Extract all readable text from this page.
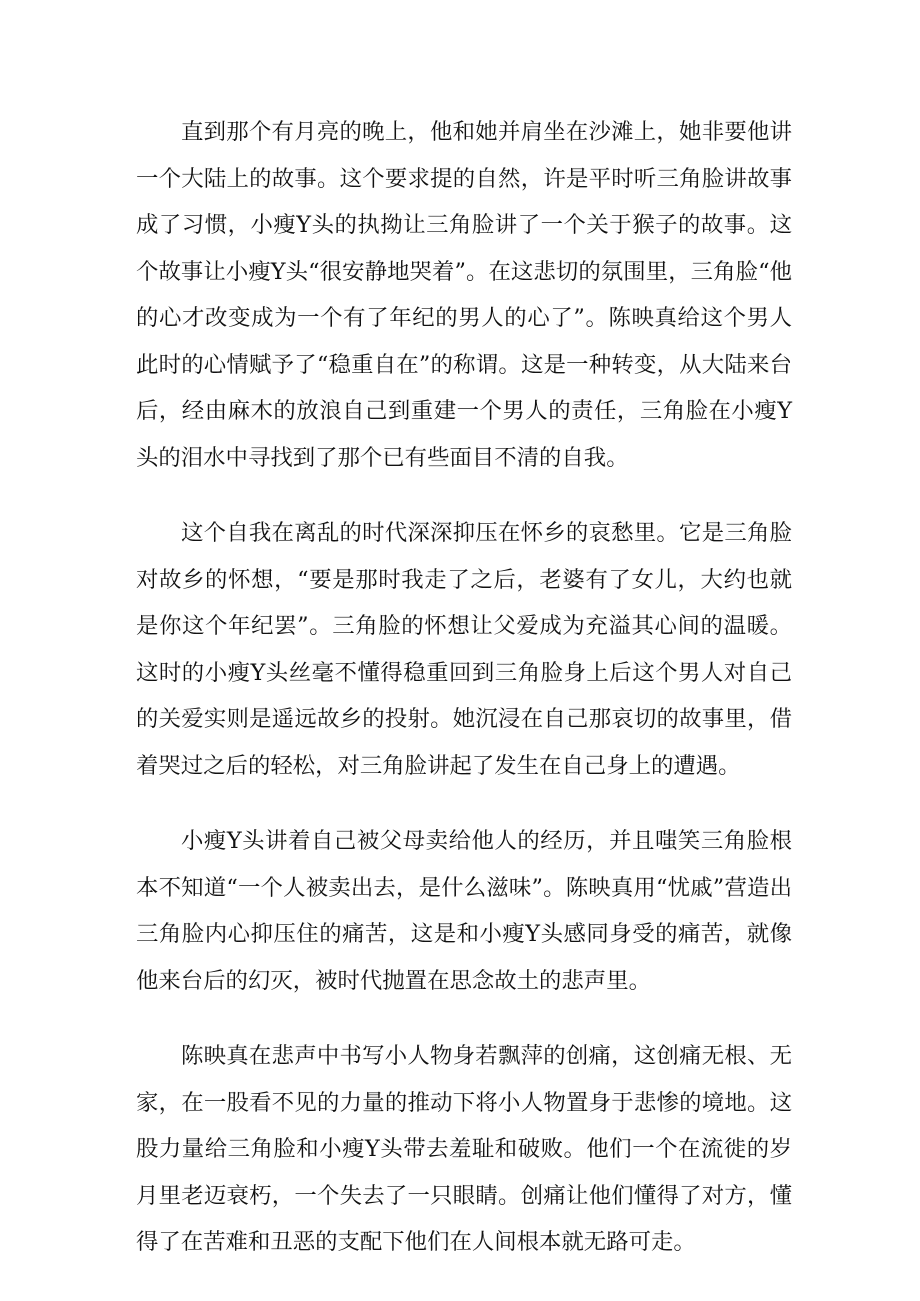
直到那个有月亮的晚上，他和她并肩坐在沙滩上，她非要他讲一个大陆上的故事。这个要求提的自然，许是平时听三角脸讲故事成了习惯，小瘦Y头的执拗让三角脸讲了一个关于猴子的故事。这个故事让小瘦Y头“很安静地哭着”。在这悲切的氛围里，三角脸“他的心才改变成为一个有了年纪的男人的心了”。陈映真给这个男人此时的心情赋予了“稳重自在”的称谓。这是一种转变，从大陆来台后，经由麻木的放浪自己到重建一个男人的责任，三角脸在小瘦Y头的泪水中寻找到了那个已有些面目不清的自我。

这个自我在离乱的时代深深抑压在怀乡的哀愁里。它是三角脸对故乡的怀想，“要是那时我走了之后，老婆有了女儿，大约也就是你这个年纪罢”。三角脸的怀想让父爱成为充溢其心间的温暖。这时的小瘦Y头丝毫不懂得稳重回到三角脸身上后这个男人对自己的关爱实则是遥远故乡的投射。她沉浸在自己那哀切的故事里，借着哭过之后的轻松，对三角脸讲起了发生在自己身上的遭遇。

小瘦Y头讲着自己被父母卖给他人的经历，并且嗤笑三角脸根本不知道“一个人被卖出去，是什么滋味”。陈映真用“忧戚”营造出三角脸内心抑压住的痛苦，这是和小瘦Y头感同身受的痛苦，就像他来台后的幻灭，被时代抛置在思念故土的悲声里。

陈映真在悲声中书写小人物身若飘萍的创痛，这创痛无根、无家，在一股看不见的力量的推动下将小人物置身于悲惨的境地。这股力量给三角脸和小瘦Y头带去羞耻和破败。他们一个在流徙的岁月里老迈衰朽，一个失去了一只眼睛。创痛让他们懂得了对方，懂得了在苦难和丑恶的支配下他们在人间根本就无路可走。
